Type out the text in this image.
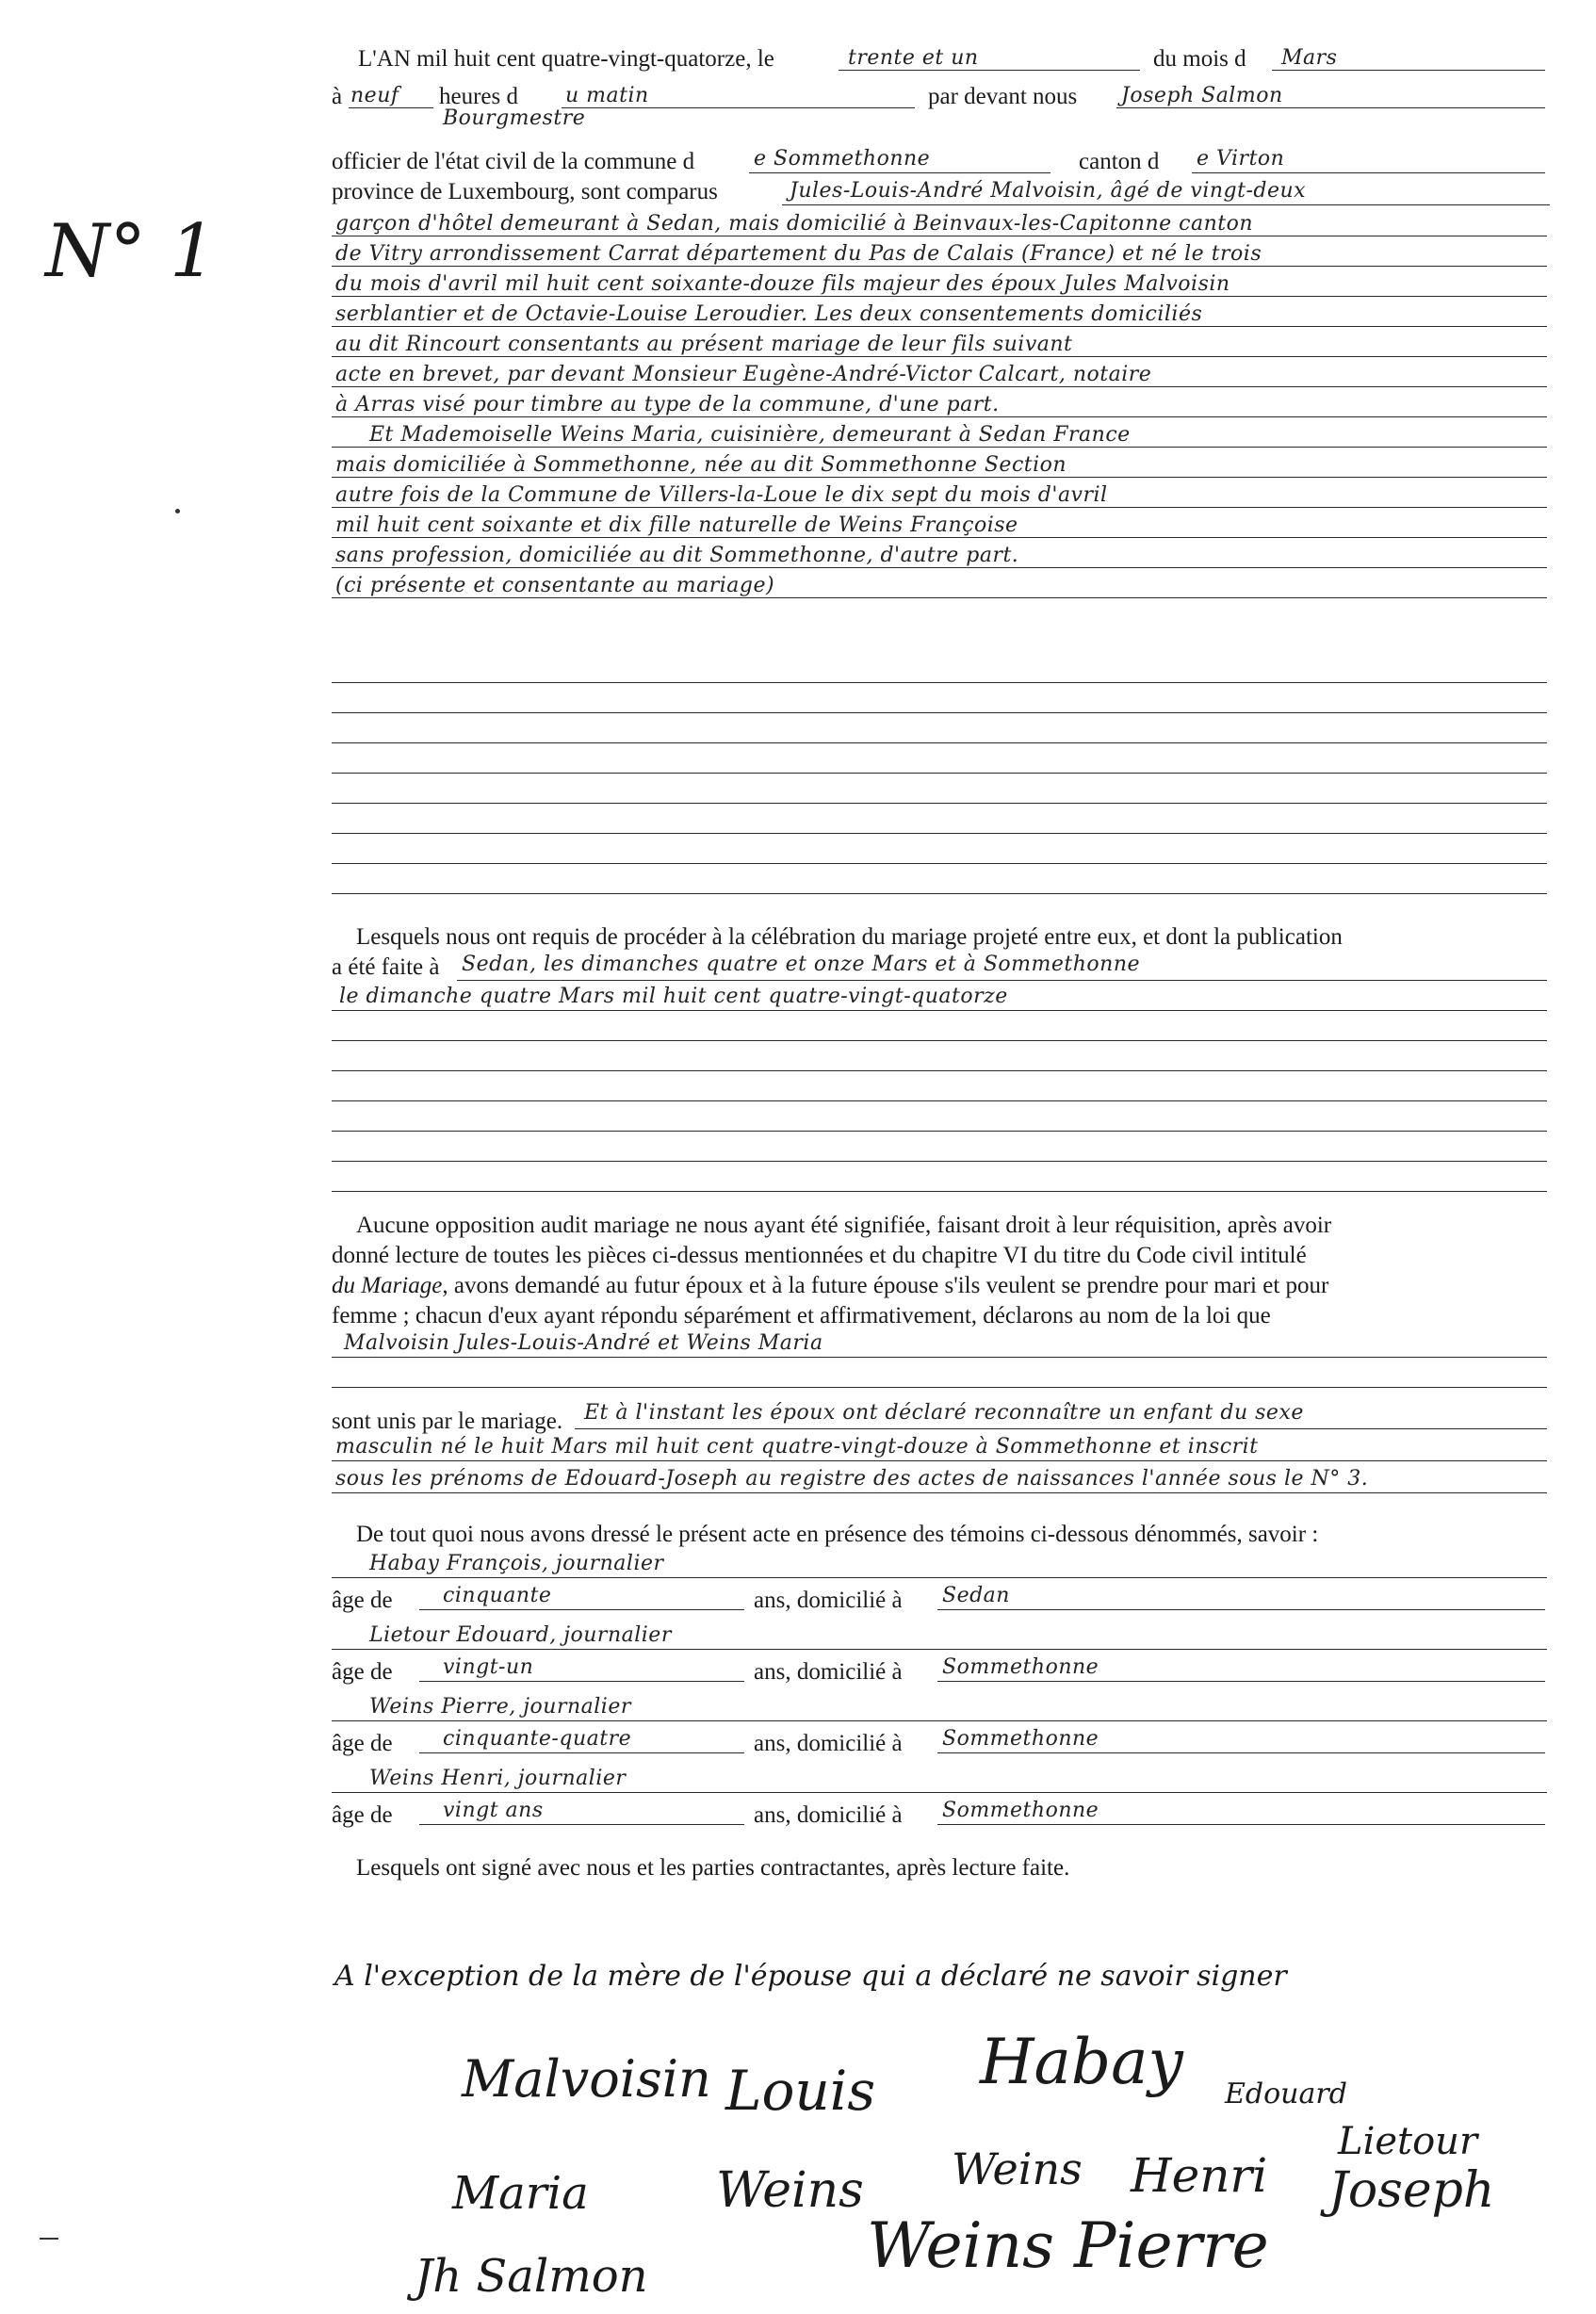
N° 1
L'AN mil huit cent quatre-vingt-quatorze, le	trente et un	du mois d Mars
à neuf heures d u matin	par devant nous Joseph Salmon
Bourgmestre
officier de l'état civil de la commune d	e Sommethonne	canton d e Virton
province de Luxembourg, sont comparus	Jules-Louis-André Malvoisin, âgé de vingt-deux
garçon d'hôtel demeurant à Sedan, mais domicilié à Beinvaux-les-Capitonne canton
de Vitry arrondissement Carrat département du Pas de Calais (France) et né le trois
du mois d'avril mil huit cent soixante-douze fils majeur des époux Jules Malvoisin
serblantier et de Octavie-Louise Leroudier. Les deux consentements domiciliés
au dit Rincourt consentants au présent mariage de leur fils suivant
acte en brevet, par devant Monsieur Eugène-André-Victor Calcart, notaire
à Arras visé pour timbre au type de la commune, d'une part.
Et Mademoiselle Weins Maria, cuisinière, demeurant à Sedan France
mais domiciliée à Sommethonne, née au dit Sommethonne Section
autre fois de la Commune de Villers-la-Loue le dix sept du mois d'avril
mil huit cent soixante et dix fille naturelle de Weins Françoise
sans profession, domiciliée au dit Sommethonne, d'autre part.
(ci présente et consentante au mariage)
Lesquels nous ont requis de procéder à la célébration du mariage projeté entre eux, et dont la publication
a été faite à Sedan, les dimanches quatre et onze Mars et à Sommethonne
le dimanche quatre Mars mil huit cent quatre-vingt-quatorze
Aucune opposition audit mariage ne nous ayant été signifiée, faisant droit à leur réquisition, après avoir
donné lecture de toutes les pièces ci-dessus mentionnées et du chapitre VI du titre du Code civil intitulé
du Mariage, avons demandé au futur époux et à la future épouse s'ils veulent se prendre pour mari et pour
femme ; chacun d'eux ayant répondu séparément et affirmativement, déclarons au nom de la loi que
Malvoisin Jules-Louis-André et Weins Maria
sont unis par le mariage. Et à l'instant les époux ont déclaré reconnaître un enfant du sexe
masculin né le huit Mars mil huit cent quatre-vingt-douze à Sommethonne et inscrit
sous les prénoms de Edouard-Joseph au registre des actes de naissances l'année sous le N° 3.
De tout quoi nous avons dressé le présent acte en présence des témoins ci-dessous dénommés, savoir :
Habay François, journalier
âge de cinquante	ans, domicilié à Sedan
Lietour Edouard, journalier
âge de vingt-un	ans, domicilié à Sommethonne
Weins Pierre, journalier
âge de cinquante-quatre	ans, domicilié à Sommethonne
Weins Henri, journalier
âge de vingt ans	ans, domicilié à Sommethonne
Lesquels ont signé avec nous et les parties contractantes, après lecture faite.
A l'exception de la mère de l'épouse qui a déclaré ne savoir signer
Malvoisin Louis Habay Edouard
Lietour
Joseph
Maria	Weins Weins Henri
Weins Pierre
Jh Salmon
